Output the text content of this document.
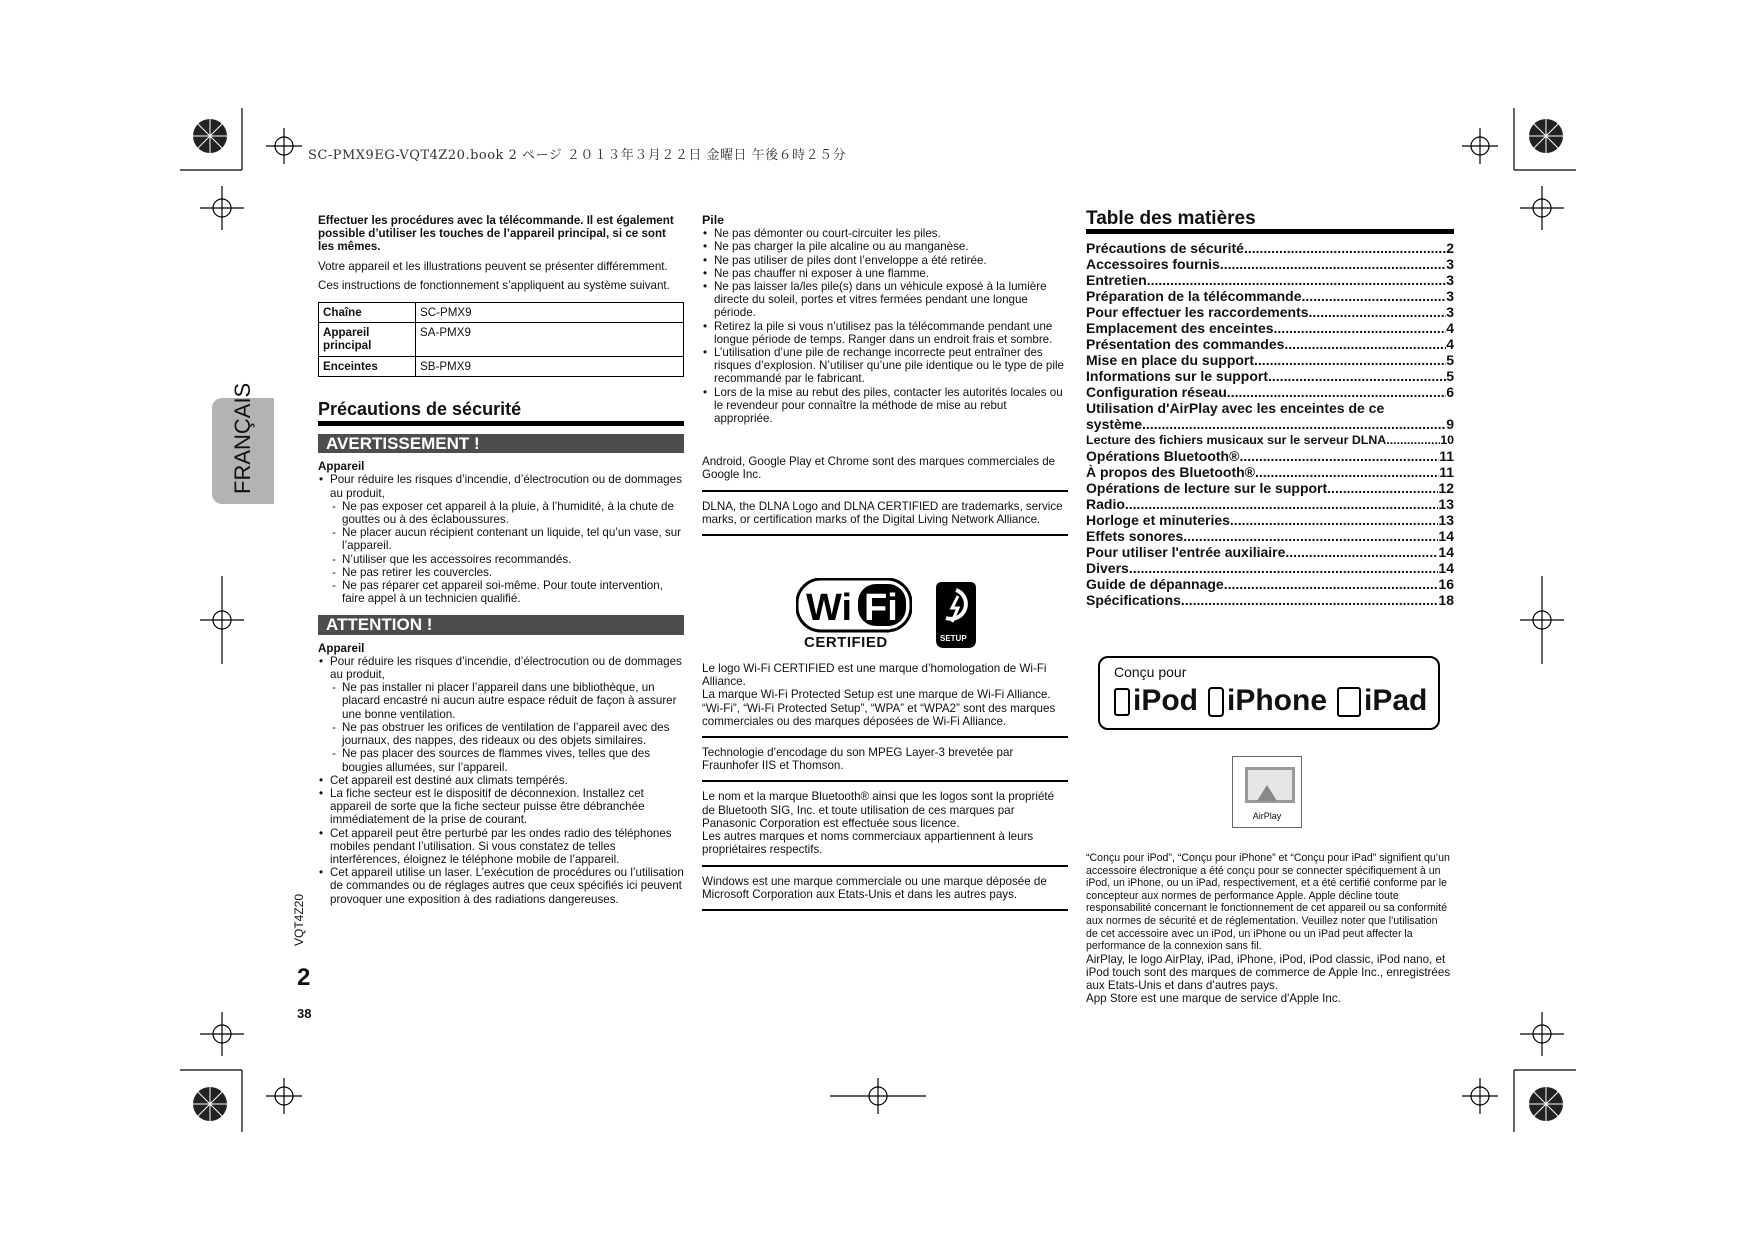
SC-PMX9EG-VQT4Z20.book 2 ページ ２０１３年３月２２日 金曜日 午後６時２５分
FRANÇAIS
VQT4Z20
2
38

Effectuer les procédures avec la télécommande. Il est également possible d’utiliser les touches de l’appareil principal, si ce sont les mêmes.

Votre appareil et les illustrations peuvent se présenter différemment.

Ces instructions de fonctionnement s’appliquent au système suivant.

Chaîne	SC-PMX9
Appareil principal	SA-PMX9
Enceintes	SB-PMX9
Précautions de sécurité
AVERTISSEMENT !
Appareil
• Pour réduire les risques d’incendie, d’électrocution ou de dommages au produit,
- Ne pas exposer cet appareil à la pluie, à l’humidité, à la chute de gouttes ou à des éclaboussures.
- Ne placer aucun récipient contenant un liquide, tel qu’un vase, sur l’appareil.
- N’utiliser que les accessoires recommandés.
- Ne pas retirer les couvercles.
- Ne pas réparer cet appareil soi-même. Pour toute intervention, faire appel à un technicien qualifié.
ATTENTION !
Appareil
• Pour réduire les risques d’incendie, d’électrocution ou de dommages au produit,
- Ne pas installer ni placer l’appareil dans une bibliothèque, un placard encastré ni aucun autre espace réduit de façon à assurer une bonne ventilation.
- Ne pas obstruer les orifices de ventilation de l’appareil avec des journaux, des nappes, des rideaux ou des objets similaires.
- Ne pas placer des sources de flammes vives, telles que des bougies allumées, sur l’appareil.
• Cet appareil est destiné aux climats tempérés.
• La fiche secteur est le dispositif de déconnexion. Installez cet appareil de sorte que la fiche secteur puisse être débranchée immédiatement de la prise de courant.
• Cet appareil peut être perturbé par les ondes radio des téléphones mobiles pendant l’utilisation. Si vous constatez de telles interférences, éloignez le téléphone mobile de l’appareil.
• Cet appareil utilise un laser. L’exécution de procédures ou l’utilisation de commandes ou de réglages autres que ceux spécifiés ici peuvent provoquer une exposition à des radiations dangereuses.
Pile
• Ne pas démonter ou court-circuiter les piles.
• Ne pas charger la pile alcaline ou au manganèse.
• Ne pas utiliser de piles dont l’enveloppe a été retirée.
• Ne pas chauffer ni exposer à une flamme.
• Ne pas laisser la/les pile(s) dans un véhicule exposé à la lumière directe du soleil, portes et vitres fermées pendant une longue période.
• Retirez la pile si vous n’utilisez pas la télécommande pendant une longue période de temps. Ranger dans un endroit frais et sombre.
• L’utilisation d’une pile de rechange incorrecte peut entraîner des risques d’explosion. N’utiliser qu’une pile identique ou le type de pile recommandé par le fabricant.
• Lors de la mise au rebut des piles, contacter les autorités locales ou le revendeur pour connaître la méthode de mise au rebut appropriée.

Android, Google Play et Chrome sont des marques commerciales de Google Inc.

DLNA, the DLNA Logo and DLNA CERTIFIED are trademarks, service marks, or certification marks of the Digital Living Network Alliance.

Le logo Wi-Fi CERTIFIED est une marque d’homologation de Wi-Fi Alliance.

La marque Wi-Fi Protected Setup est une marque de Wi-Fi Alliance.

“Wi-Fi”, “Wi-Fi Protected Setup”, “WPA” et “WPA2” sont des marques commerciales ou des marques déposées de Wi-Fi Alliance.

Technologie d’encodage du son MPEG Layer-3 brevetée par Fraunhofer IIS et Thomson.

Le nom et la marque Bluetooth® ainsi que les logos sont la propriété de Bluetooth SIG, Inc. et toute utilisation de ces marques par Panasonic Corporation est effectuée sous licence.

Les autres marques et noms commerciaux appartiennent à leurs propriétaires respectifs.

Windows est une marque commerciale ou une marque déposée de Microsoft Corporation aux Etats-Unis et dans les autres pays.

Wi Fi
CERTIFIED	SETUP
Table des matières
Précautions de sécurité .....	2
Accessoires fournis .....	3
Entretien .....	3
Préparation de la télécommande .....	3
Pour effectuer les raccordements .....	3
Emplacement des enceintes .....	4
Présentation des commandes .....	4
Mise en place du support .....	5
Informations sur le support .....	5
Configuration réseau .....	6
Utilisation d'AirPlay avec les enceintes de ce
système .....	9
Lecture des fichiers musicaux sur le serveur DLNA .....	10
Opérations Bluetooth® .....	11
À propos des Bluetooth® .....	11
Opérations de lecture sur le support .....	12
Radio .....	13
Horloge et minuteries .....	13
Effets sonores .....	14
Pour utiliser l'entrée auxiliaire .....	14
Divers .....	14
Guide de dépannage .....	16
Spécifications .....	18
Conçu pour
iPod iPhone	iPad
AirPlay
“Conçu pour iPod”, “Conçu pour iPhone” et “Conçu pour iPad” signifient qu’un accessoire électronique a été conçu pour se connecter spécifiquement à un iPod, un iPhone, ou un iPad, respectivement, et a été certifié conforme par le concepteur aux normes de performance Apple. Apple décline toute responsabilité concernant le fonctionnement de cet appareil ou sa conformité aux normes de sécurité et de réglementation. Veuillez noter que l’utilisation de cet accessoire avec un iPod, un iPhone ou un iPad peut affecter la performance de la connexion sans fil.
AirPlay, le logo AirPlay, iPad, iPhone, iPod, iPod classic, iPod nano, et iPod touch sont des marques de commerce de Apple Inc., enregistrées aux Etats-Unis et dans d’autres pays.
App Store est une marque de service d'Apple Inc.
